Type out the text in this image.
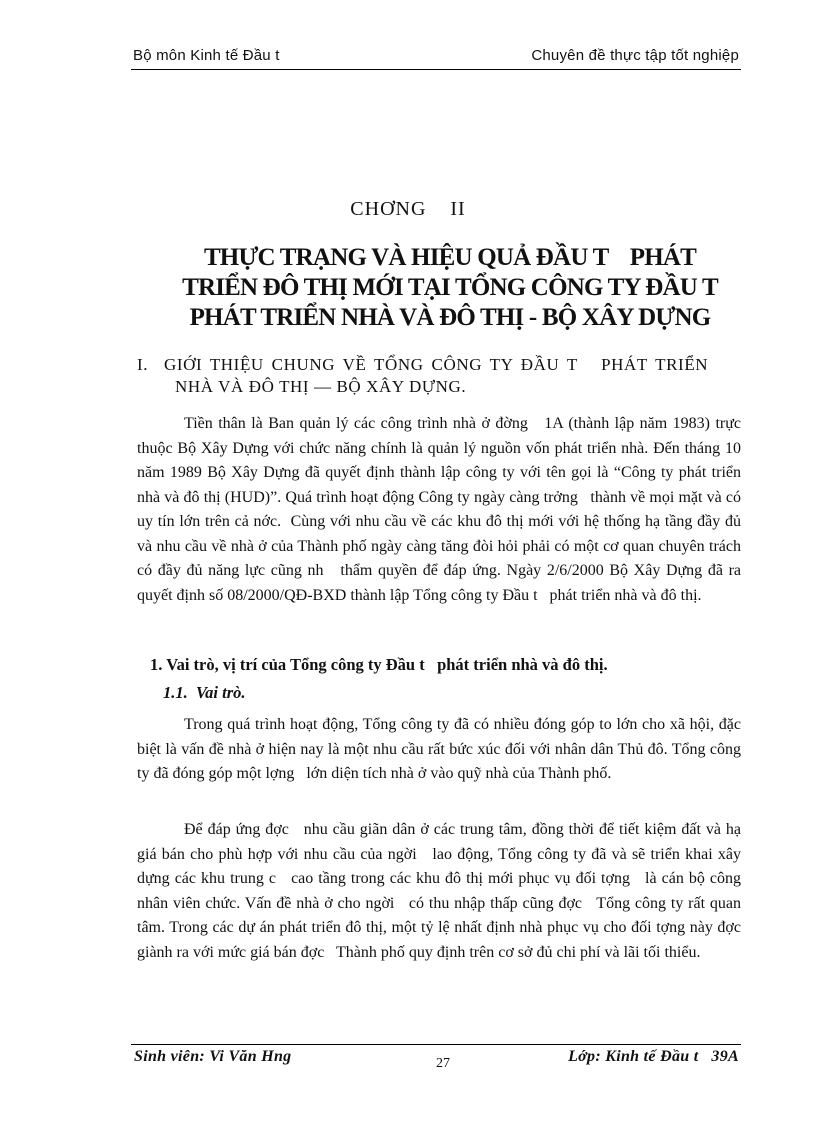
Bộ môn Kinh tế Đầu t	Chuyên đề thực tập tốt nghiệp
CHƠNG    II
THỰC TRẠNG VÀ HIỆU QUẢ ĐẦU T    PHÁT
TRIỂN ĐÔ THỊ MỚI TẠI TỔNG CÔNG TY ĐẦU T
PHÁT TRIỂN NHÀ VÀ ĐÔ THỊ - BỘ XÂY DỰNG
I. GIỚI THIỆU CHUNG VỀ TỔNG CÔNG TY ĐẦU T   PHÁT TRIỂN
NHÀ VÀ ĐÔ THỊ — BỘ XÂY DỰNG.

Tiền thân là Ban quản lý các công trình nhà ở đờng   1A (thành lập năm 1983) trực thuộc Bộ Xây Dựng với chức năng chính là quản lý nguồn vốn phát triển nhà. Đến tháng 10 năm 1989 Bộ Xây Dựng đã quyết định thành lập công ty với tên gọi là “Công ty phát triển nhà và đô thị (HUD)”. Quá trình hoạt động Công ty ngày càng trởng   thành về mọi mặt và có uy tín lớn trên cả nớc.  Cùng với nhu cầu về các khu đô thị mới với hệ thống hạ tầng đầy đủ và nhu cầu về nhà ở của Thành phố ngày càng tăng đòi hỏi phải có một cơ quan chuyên trách có đầy đủ năng lực cũng nh   thẩm quyền để đáp ứng. Ngày 2/6/2000 Bộ Xây Dựng đã ra quyết định số 08/2000/QĐ-BXD thành lập Tổng công ty Đầu t   phát triển nhà và đô thị.

1. Vai trò, vị trí của Tổng công ty Đầu t   phát triển nhà và đô thị.
1.1.  Vai trò.

Trong quá trình hoạt động, Tổng công ty đã có nhiều đóng góp to lớn cho xã hội, đặc biệt là vấn đề nhà ở hiện nay là một nhu cầu rất bức xúc đối với nhân dân Thủ đô. Tổng công ty đã đóng góp một lợng   lớn diện tích nhà ở vào quỹ nhà của Thành phố.

Để đáp ứng đợc   nhu cầu giãn dân ở các trung tâm, đồng thời để tiết kiệm đất và hạ giá bán cho phù hợp với nhu cầu của ngời   lao động, Tổng công ty đã và sẽ triển khai xây dựng các khu trung c   cao tầng trong các khu đô thị mới phục vụ đối tợng   là cán bộ công nhân viên chức. Vấn đề nhà ở cho ngời   có thu nhập thấp cũng đợc   Tổng công ty rất quan tâm. Trong các dự án phát triển đô thị, một tỷ lệ nhất định nhà phục vụ cho đối tợng này đợc   giành ra với mức giá bán đợc   Thành phố quy định trên cơ sở đủ chi phí và lãi tối thiểu.

Sinh viên: Vi Văn Hng	27	Lớp: Kinh tế Đầu t   39A
